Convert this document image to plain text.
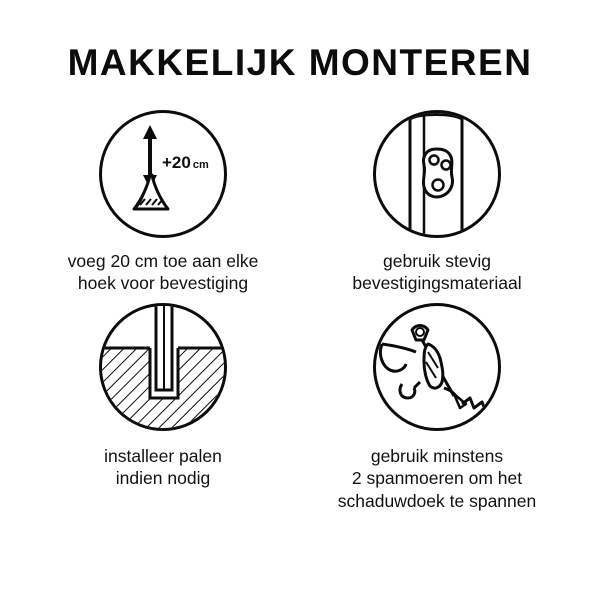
MAKKELIJK MONTEREN
+20 cm
voeg 20 cm toe aan elke
hoek voor bevestiging
gebruik stevig
bevestigingsmateriaal
installeer palen
indien nodig
gebruik minstens
2 spanmoeren om het
schaduwdoek te spannen
